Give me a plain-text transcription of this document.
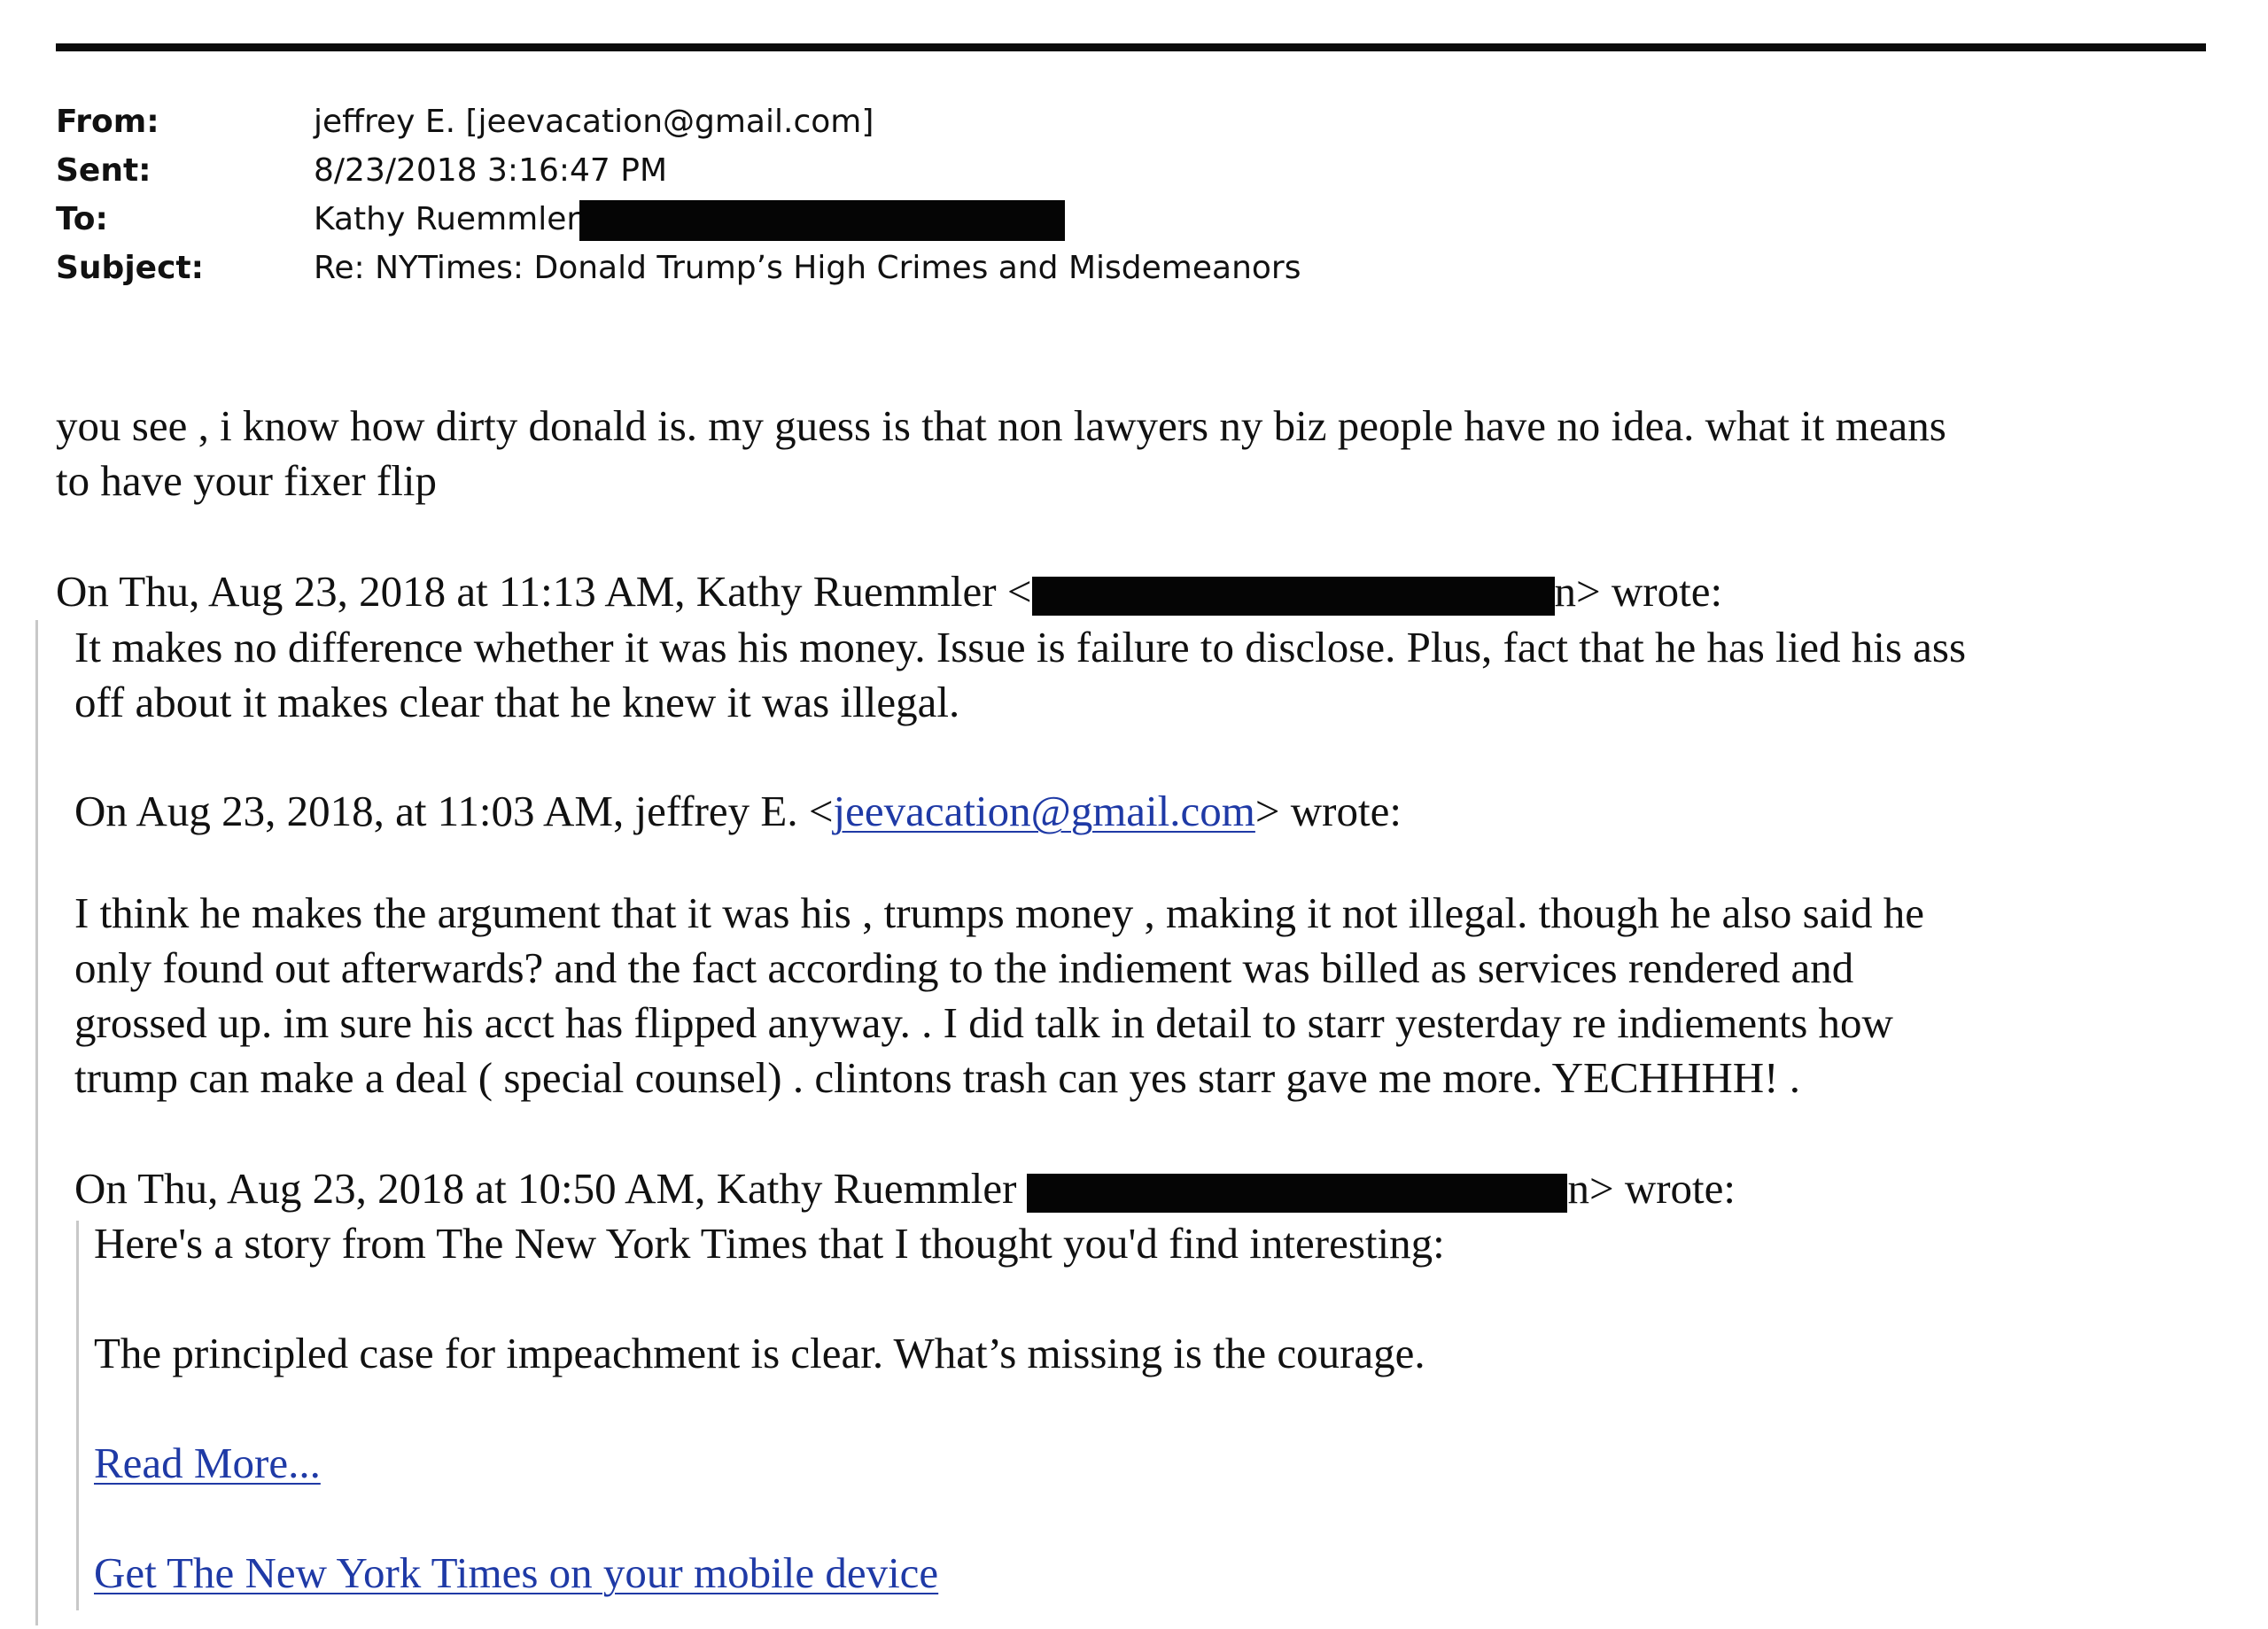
From:	jeffrey E. [jeevacation@gmail.com]
Sent:	8/23/2018 3:16:47 PM
To:	Kathy Ruemmler
Subject:	Re: NYTimes: Donald Trump’s High Crimes and Misdemeanors
you see , i know how dirty donald is. my guess is that non lawyers ny biz people have no idea. what it means
to have your fixer flip
On Thu, Aug 23, 2018 at 11:13 AM, Kathy Ruemmler <	n> wrote:
It makes no difference whether it was his money. Issue is failure to disclose. Plus, fact that he has lied his ass
off about it makes clear that he knew it was illegal.
On Aug 23, 2018, at 11:03 AM, jeffrey E. <jeevacation@gmail.com> wrote:
I think he makes the argument that it was his , trumps money , making it not illegal. though he also said he
only found out afterwards? and the fact according to the indiement was billed as services rendered and
grossed up. im sure his acct has flipped anyway. . I did talk in detail to starr yesterday re indiements how
trump can make a deal ( special counsel) . clintons trash can yes starr gave me more. YECHHHH! .
On Thu, Aug 23, 2018 at 10:50 AM, Kathy Ruemmler	n> wrote:
Here's a story from The New York Times that I thought you'd find interesting:
The principled case for impeachment is clear. What’s missing is the courage.
Read More...
Get The New York Times on your mobile device
